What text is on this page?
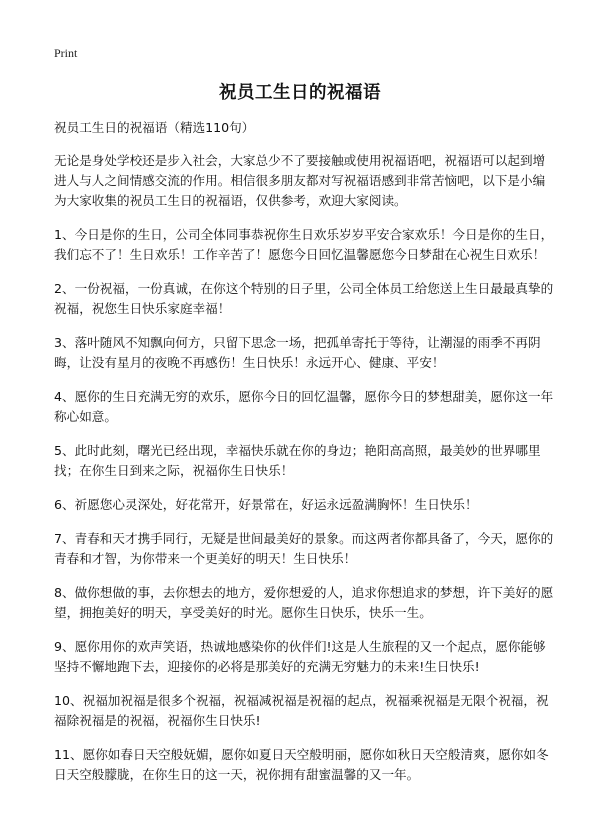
Print
祝员工生日的祝福语

祝员工生日的祝福语（精选110句）

无论是身处学校还是步入社会，大家总少不了要接触或使用祝福语吧，祝福语可以起到增进人与人之间情感交流的作用。相信很多朋友都对写祝福语感到非常苦恼吧，以下是小编为大家收集的祝员工生日的祝福语，仅供参考，欢迎大家阅读。

1、今日是你的生日，公司全体同事恭祝你生日欢乐岁岁平安合家欢乐！今日是你的生日，我们忘不了！生日欢乐！工作辛苦了！愿您今日回忆温馨愿您今日梦甜在心祝生日欢乐！

2、一份祝福，一份真诚，在你这个特别的日子里，公司全体员工给您送上生日最最真挚的祝福，祝您生日快乐家庭幸福！

3、落叶随风不知飘向何方，只留下思念一场，把孤单寄托于等待，让潮湿的雨季不再阴晦，让没有星月的夜晚不再感伤！生日快乐！永远开心、健康、平安！

4、愿你的生日充满无穷的欢乐，愿你今日的回忆温馨，愿你今日的梦想甜美，愿你这一年称心如意。

5、此时此刻，曙光已经出现，幸福快乐就在你的身边；艳阳高高照，最美妙的世界哪里找；在你生日到来之际，祝福你生日快乐！

6、祈愿您心灵深处，好花常开，好景常在，好运永远盈满胸怀！生日快乐！

7、青春和天才携手同行，无疑是世间最美好的景象。而这两者你都具备了，今天，愿你的青春和才智，为你带来一个更美好的明天！生日快乐！

8、做你想做的事，去你想去的地方，爱你想爱的人，追求你想追求的梦想，许下美好的愿望，拥抱美好的明天，享受美好的时光。愿你生日快乐，快乐一生。

9、愿你用你的欢声笑语，热诚地感染你的伙伴们!这是人生旅程的又一个起点，愿你能够坚持不懈地跑下去，迎接你的必将是那美好的充满无穷魅力的未来!生日快乐!

10、祝福加祝福是很多个祝福，祝福减祝福是祝福的起点，祝福乘祝福是无限个祝福，祝福除祝福是的祝福，祝福你生日快乐!

11、愿你如春日天空般妩媚，愿你如夏日天空般明丽，愿你如秋日天空般清爽，愿你如冬日天空般朦胧，在你生日的这一天，祝你拥有甜蜜温馨的又一年。
